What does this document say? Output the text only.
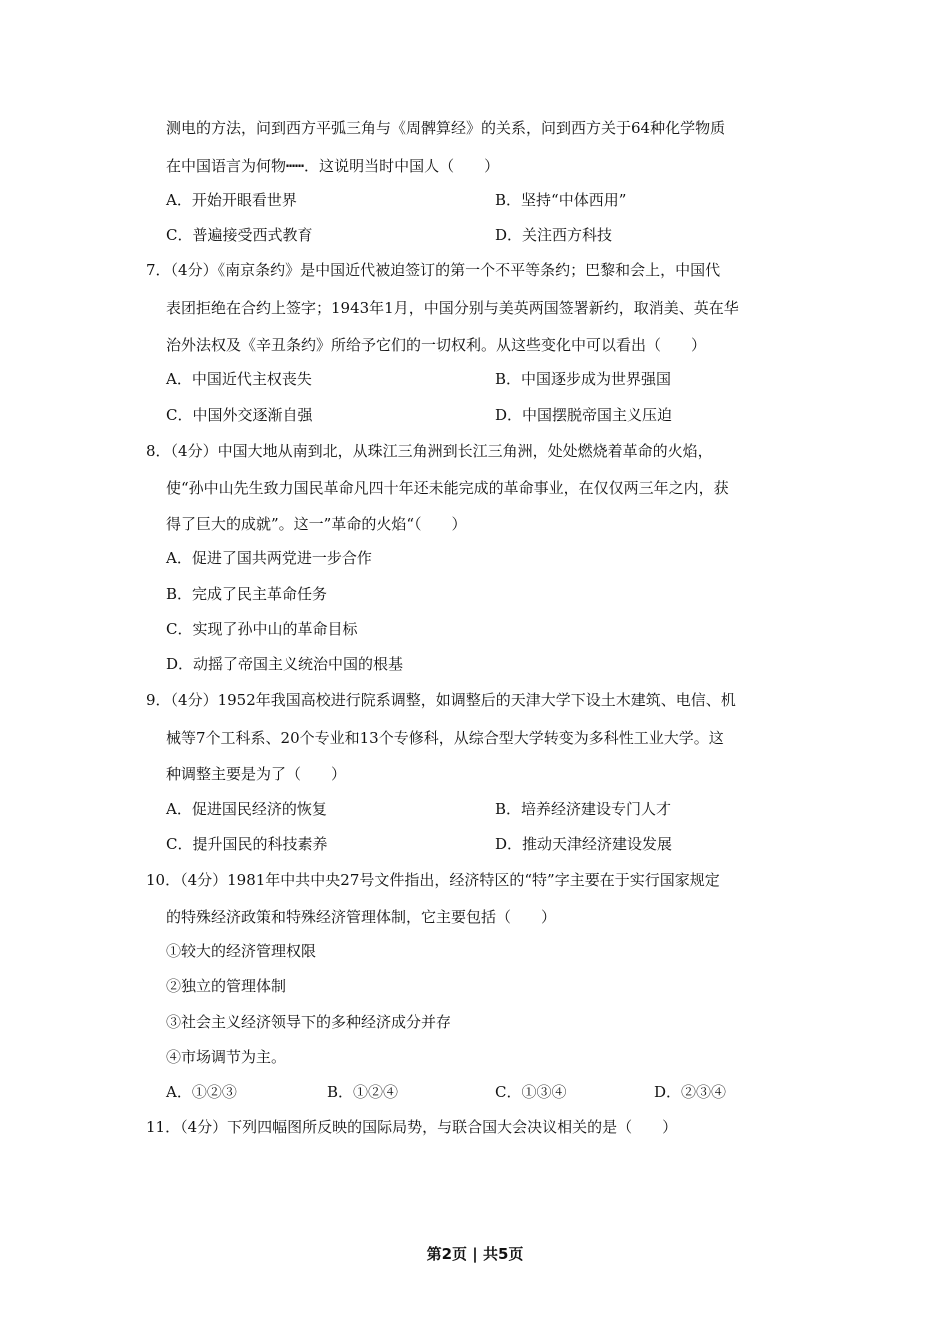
测电的方法，问到西方平弧三角与《周髀算经》的关系，问到西方关于64种化学物质
在中国语言为何物┅┅．这说明当时中国人（　　）
A．开始开眼看世界	B．坚持“中体西用”
C．普遍接受西式教育	D．关注西方科技
7．（4分）《南京条约》是中国近代被迫签订的第一个不平等条约；巴黎和会上，中国代
表团拒绝在合约上签字；1943年1月，中国分别与美英两国签署新约，取消美、英在华
治外法权及《辛丑条约》所给予它们的一切权利。从这些变化中可以看出（　　）
A．中国近代主权丧失	B．中国逐步成为世界强国
C．中国外交逐渐自强	D．中国摆脱帝国主义压迫
8．（4分）中国大地从南到北，从珠江三角洲到长江三角洲，处处燃烧着革命的火焰，
使“孙中山先生致力国民革命凡四十年还未能完成的革命事业，在仅仅两三年之内，获
得了巨大的成就”。这一”革命的火焰“（　　）
A．促进了国共两党进一步合作
B．完成了民主革命任务
C．实现了孙中山的革命目标
D．动摇了帝国主义统治中国的根基
9．（4分）1952年我国高校进行院系调整，如调整后的天津大学下设土木建筑、电信、机
械等7个工科系、20个专业和13个专修科，从综合型大学转变为多科性工业大学。这
种调整主要是为了（　　）
A．促进国民经济的恢复	B．培养经济建设专门人才
C．提升国民的科技素养	D．推动天津经济建设发展
10．（4分）1981年中共中央27号文件指出，经济特区的“特”字主要在于实行国家规定
的特殊经济政策和特殊经济管理体制，它主要包括（　　）
①较大的经济管理权限
②独立的管理体制
③社会主义经济领导下的多种经济成分并存
④市场调节为主。
A．①②③	B．①②④	C．①③④	D．②③④
11．（4分）下列四幅图所反映的国际局势，与联合国大会决议相关的是（　　）
第2页 | 共5页
